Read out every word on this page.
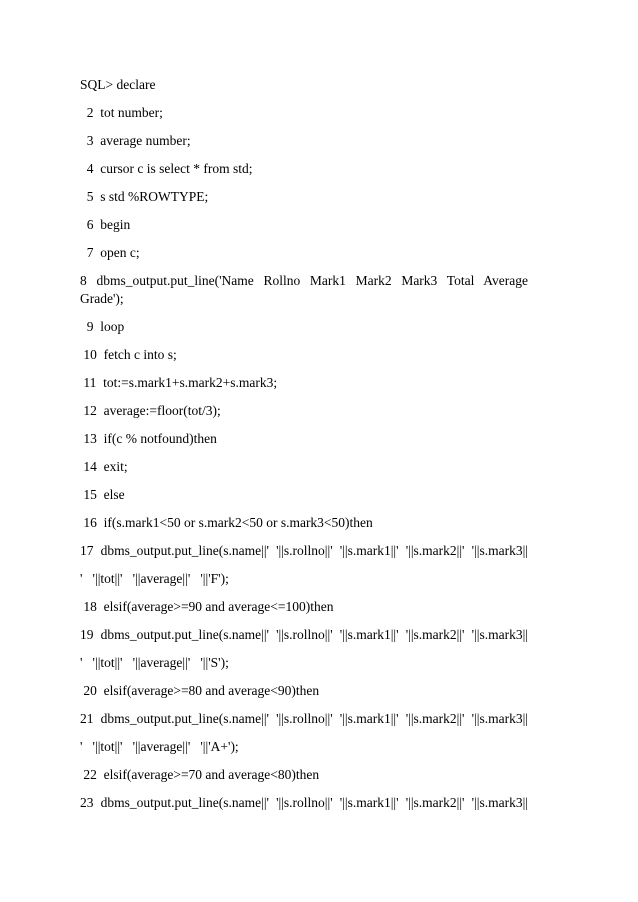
SQL> declare
2  tot number;
3  average number;
4  cursor c is select * from std;
5  s std %ROWTYPE;
6  begin
7  open c;
8 dbms_output.put_line('Name Rollno Mark1 Mark2 Mark3 Total Average
Grade');
9  loop
10  fetch c into s;
11  tot:=s.mark1+s.mark2+s.mark3;
12  average:=floor(tot/3);
13  if(c % notfound)then
14  exit;
15  else
16  if(s.mark1<50 or s.mark2<50 or s.mark3<50)then
17 dbms_output.put_line(s.name||' '||s.rollno||' '||s.mark1||' '||s.mark2||' '||s.mark3||
'   '||tot||'   '||average||'   '||'F');
18  elsif(average>=90 and average<=100)then
19 dbms_output.put_line(s.name||' '||s.rollno||' '||s.mark1||' '||s.mark2||' '||s.mark3||
'   '||tot||'   '||average||'   '||'S');
20  elsif(average>=80 and average<90)then
21 dbms_output.put_line(s.name||' '||s.rollno||' '||s.mark1||' '||s.mark2||' '||s.mark3||
'   '||tot||'   '||average||'   '||'A+');
22  elsif(average>=70 and average<80)then
23 dbms_output.put_line(s.name||' '||s.rollno||' '||s.mark1||' '||s.mark2||' '||s.mark3||
